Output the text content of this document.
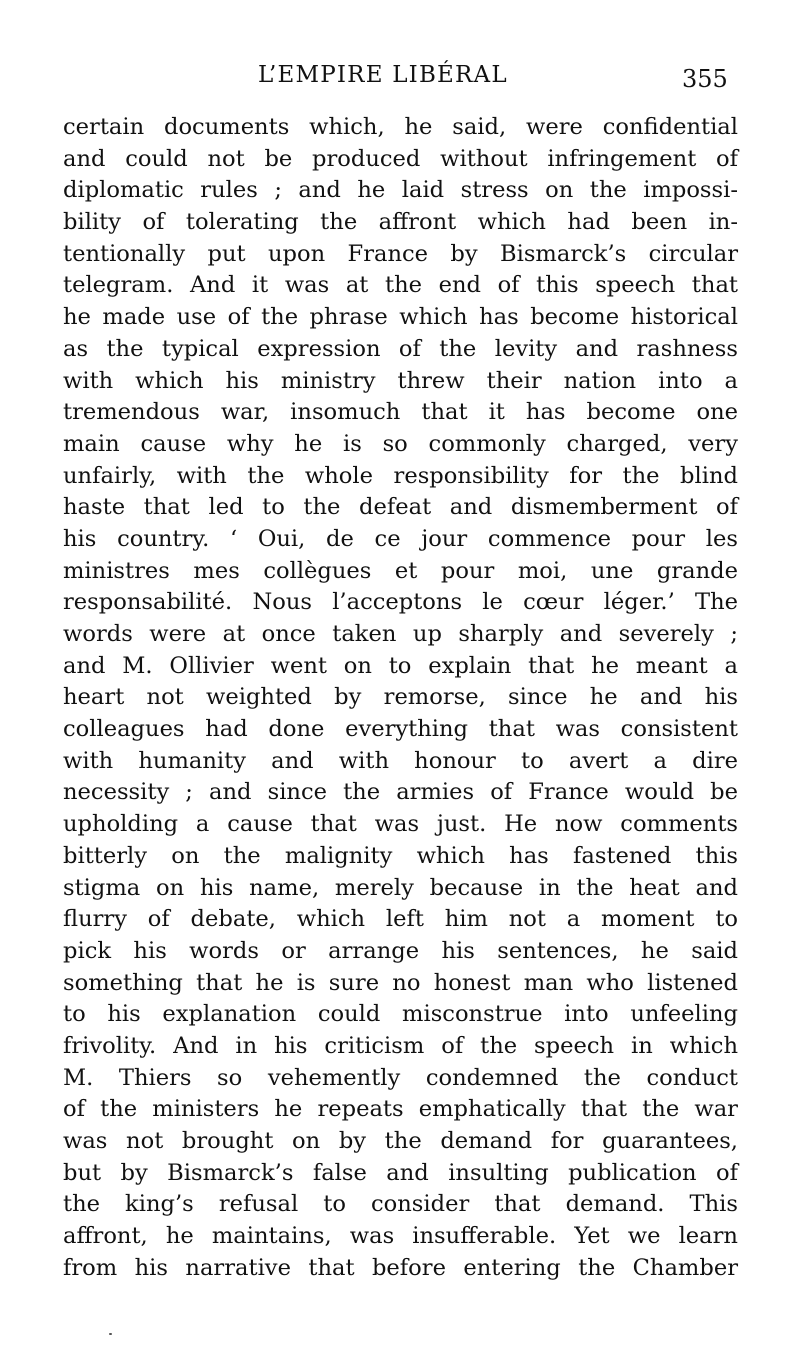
L’EMPIRE LIBÉRAL	355
certain documents which, he said, were confidential
and could not be produced without infringement of
diplomatic rules ; and he laid stress on the impossi-
bility of tolerating the affront which had been in-
tentionally put upon France by Bismarck’s circular
telegram. And it was at the end of this speech that
he made use of the phrase which has become historical
as the typical expression of the levity and rashness
with which his ministry threw their nation into a
tremendous war, insomuch that it has become one
main cause why he is so commonly charged, very
unfairly, with the whole responsibility for the blind
haste that led to the defeat and dismemberment of
his country. ‘ Oui, de ce jour commence pour les
ministres mes collègues et pour moi, une grande
responsabilité. Nous l’acceptons le cœur léger.’ The
words were at once taken up sharply and severely ;
and M. Ollivier went on to explain that he meant a
heart not weighted by remorse, since he and his
colleagues had done everything that was consistent
with humanity and with honour to avert a dire
necessity ; and since the armies of France would be
upholding a cause that was just. He now comments
bitterly on the malignity which has fastened this
stigma on his name, merely because in the heat and
flurry of debate, which left him not a moment to
pick his words or arrange his sentences, he said
something that he is sure no honest man who listened
to his explanation could misconstrue into unfeeling
frivolity. And in his criticism of the speech in which
M. Thiers so vehemently condemned the conduct
of the ministers he repeats emphatically that the war
was not brought on by the demand for guarantees,
but by Bismarck’s false and insulting publication of
the king’s refusal to consider that demand. This
affront, he maintains, was insufferable. Yet we learn
from his narrative that before entering the Chamber
